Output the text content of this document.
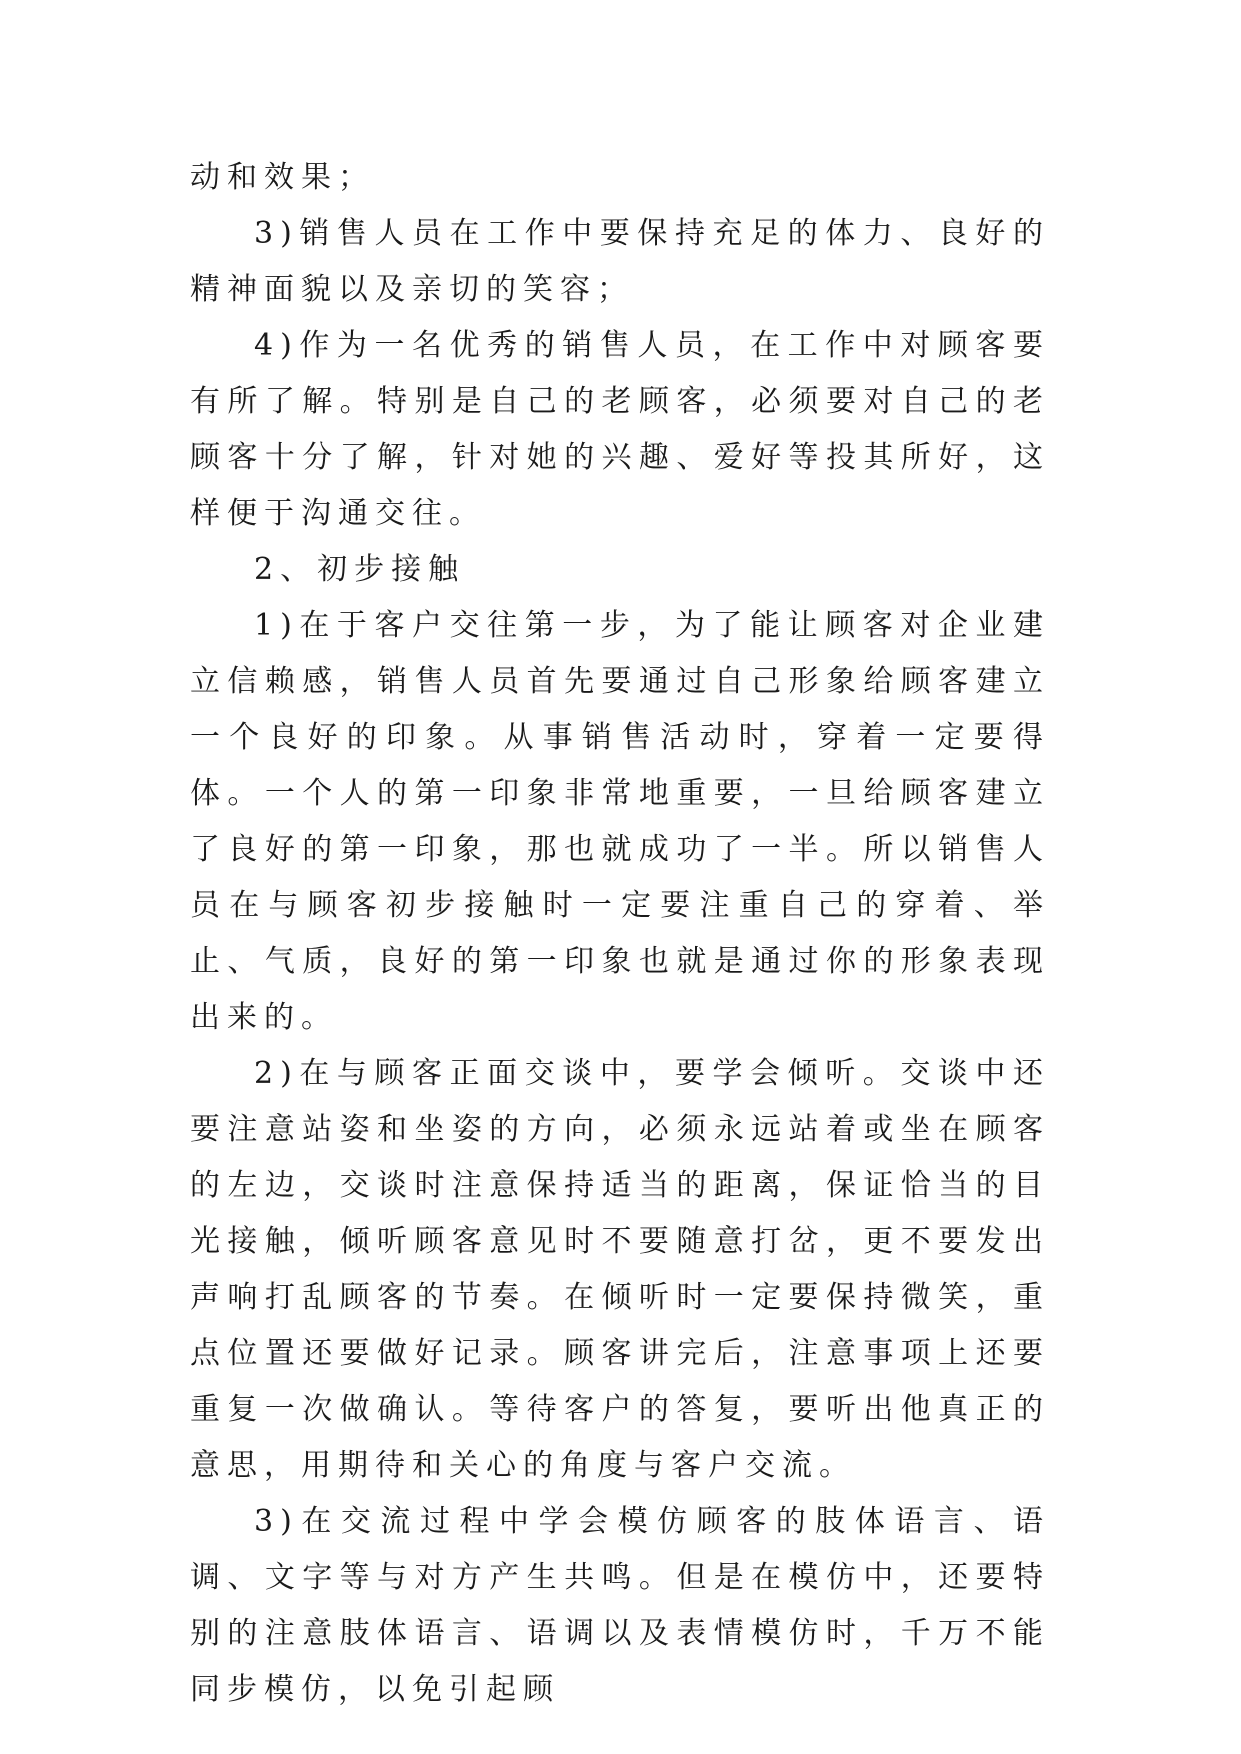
动和效果；

3)销售人员在工作中要保持充足的体力、良好的精神面貌以及亲切的笑容；

4)作为一名优秀的销售人员，在工作中对顾客要有所了解。特别是自己的老顾客，必须要对自己的老顾客十分了解，针对她的兴趣、爱好等投其所好，这样便于沟通交往。

2、初步接触

1)在于客户交往第一步，为了能让顾客对企业建立信赖感，销售人员首先要通过自己形象给顾客建立一个良好的印象。从事销售活动时，穿着一定要得体。一个人的第一印象非常地重要，一旦给顾客建立了良好的第一印象，那也就成功了一半。所以销售人员在与顾客初步接触时一定要注重自己的穿着、举止、气质，良好的第一印象也就是通过你的形象表现出来的。

2)在与顾客正面交谈中，要学会倾听。交谈中还要注意站姿和坐姿的方向，必须永远站着或坐在顾客的左边，交谈时注意保持适当的距离，保证恰当的目光接触，倾听顾客意见时不要随意打岔，更不要发出声响打乱顾客的节奏。在倾听时一定要保持微笑，重点位置还要做好记录。顾客讲完后，注意事项上还要重复一次做确认。等待客户的答复，要听出他真正的意思，用期待和关心的角度与客户交流。

3)在交流过程中学会模仿顾客的肢体语言、语调、文字等与对方产生共鸣。但是在模仿中，还要特别的注意肢体语言、语调以及表情模仿时，千万不能同步模仿，以免引起顾
